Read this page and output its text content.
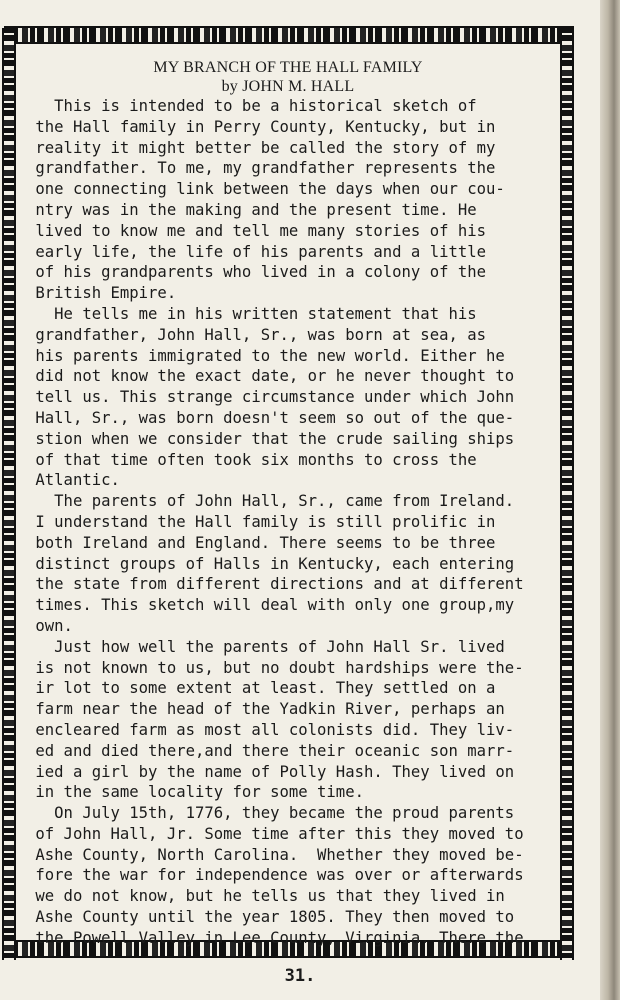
MY BRANCH OF THE HALL FAMILY
by JOHN M. HALL
This is intended to be a historical sketch of
the Hall family in Perry County, Kentucky, but in
reality it might better be called the story of my
grandfather. To me, my grandfather represents the
one connecting link between the days when our cou-
ntry was in the making and the present time. He
lived to know me and tell me many stories of his
early life, the life of his parents and a little
of his grandparents who lived in a colony of the
British Empire.
He tells me in his written statement that his
grandfather, John Hall, Sr., was born at sea, as
his parents immigrated to the new world. Either he
did not know the exact date, or he never thought to
tell us. This strange circumstance under which John
Hall, Sr., was born doesn't seem so out of the que-
stion when we consider that the crude sailing ships
of that time often took six months to cross the
Atlantic.
The parents of John Hall, Sr., came from Ireland.
I understand the Hall family is still prolific in
both Ireland and England. There seems to be three
distinct groups of Halls in Kentucky, each entering
the state from different directions and at different
times. This sketch will deal with only one group,my
own.
Just how well the parents of John Hall Sr. lived
is not known to us, but no doubt hardships were the-
ir lot to some extent at least. They settled on a
farm near the head of the Yadkin River, perhaps an
encleared farm as most all colonists did. They liv-
ed and died there,and there their oceanic son marr-
ied a girl by the name of Polly Hash. They lived on
in the same locality for some time.
On July 15th, 1776, they became the proud parents
of John Hall, Jr. Some time after this they moved to
Ashe County, North Carolina.  Whether they moved be-
fore the war for independence was over or afterwards
we do not know, but he tells us that they lived in
Ashe County until the year 1805. They then moved to
the Powell Valley in Lee County, Virginia. There the
31.
